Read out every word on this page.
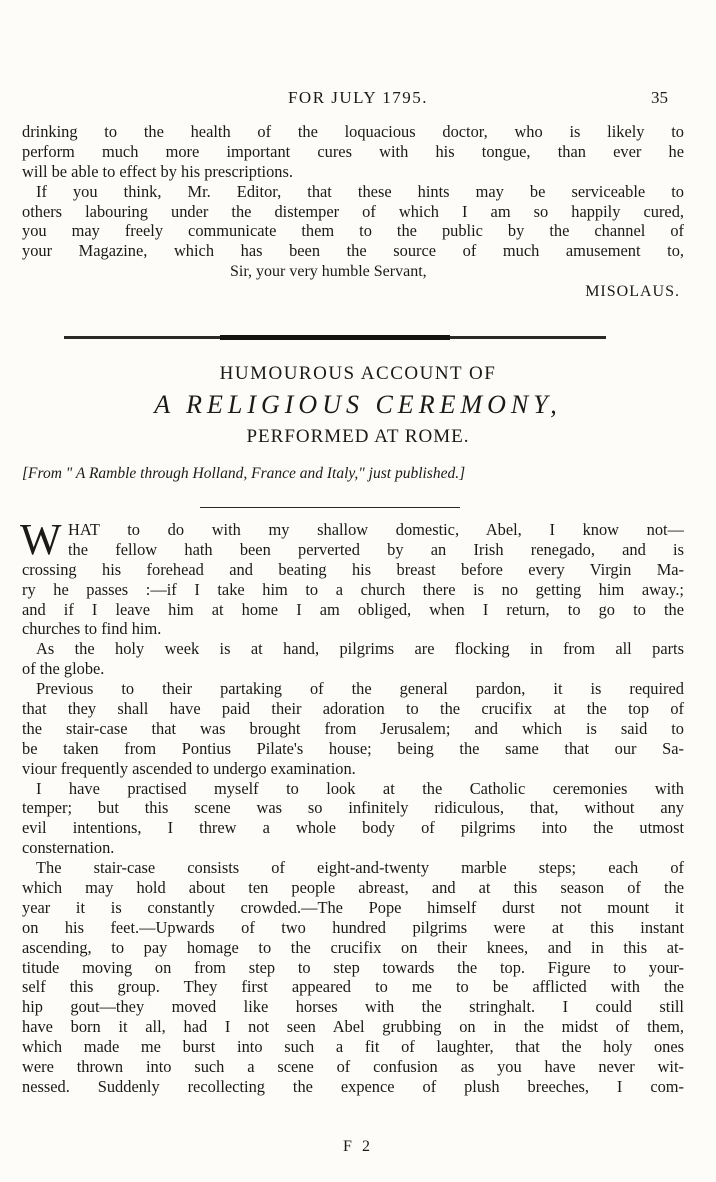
FOR JULY 1795.	35
drinking to the health of the loquacious doctor, who is likely to
perform much more important cures with his tongue, than ever he
will be able to effect by his prescriptions.
If you think, Mr. Editor, that these hints may be serviceable to
others labouring under the distemper of which I am so happily cured,
you may freely communicate them to the public by the channel of
your Magazine, which has been the source of much amusement to,
Sir, your very humble Servant,
MISOLAUS.
HUMOUROUS ACCOUNT OF
A RELIGIOUS CEREMONY,
PERFORMED AT ROME.
[From " A Ramble through Holland, France and Italy," just published.]
W HAT to do with my shallow domestic, Abel, I know not—
the fellow hath been perverted by an Irish renegado, and is
crossing his forehead and beating his breast before every Virgin Ma-
ry he passes :—if I take him to a church there is no getting him away.;
and if I leave him at home I am obliged, when I return, to go to the
churches to find him.
As the holy week is at hand, pilgrims are flocking in from all parts
of the globe.
Previous to their partaking of the general pardon, it is required
that they shall have paid their adoration to the crucifix at the top of
the stair-case that was brought from Jerusalem; and which is said to
be taken from Pontius Pilate's house; being the same that our Sa-
viour frequently ascended to undergo examination.
I have practised myself to look at the Catholic ceremonies with
temper; but this scene was so infinitely ridiculous, that, without any
evil intentions, I threw a whole body of pilgrims into the utmost
consternation.
The stair-case consists of eight-and-twenty marble steps; each of
which may hold about ten people abreast, and at this season of the
year it is constantly crowded.—The Pope himself durst not mount it
on his feet.—Upwards of two hundred pilgrims were at this instant
ascending, to pay homage to the crucifix on their knees, and in this at-
titude moving on from step to step towards the top. Figure to your-
self this group. They first appeared to me to be afflicted with the
hip gout—they moved like horses with the stringhalt. I could still
have born it all, had I not seen Abel grubbing on in the midst of them,
which made me burst into such a fit of laughter, that the holy ones
were thrown into such a scene of confusion as you have never wit-
nessed. Suddenly recollecting the expence of plush breeches, I com-
F 2
